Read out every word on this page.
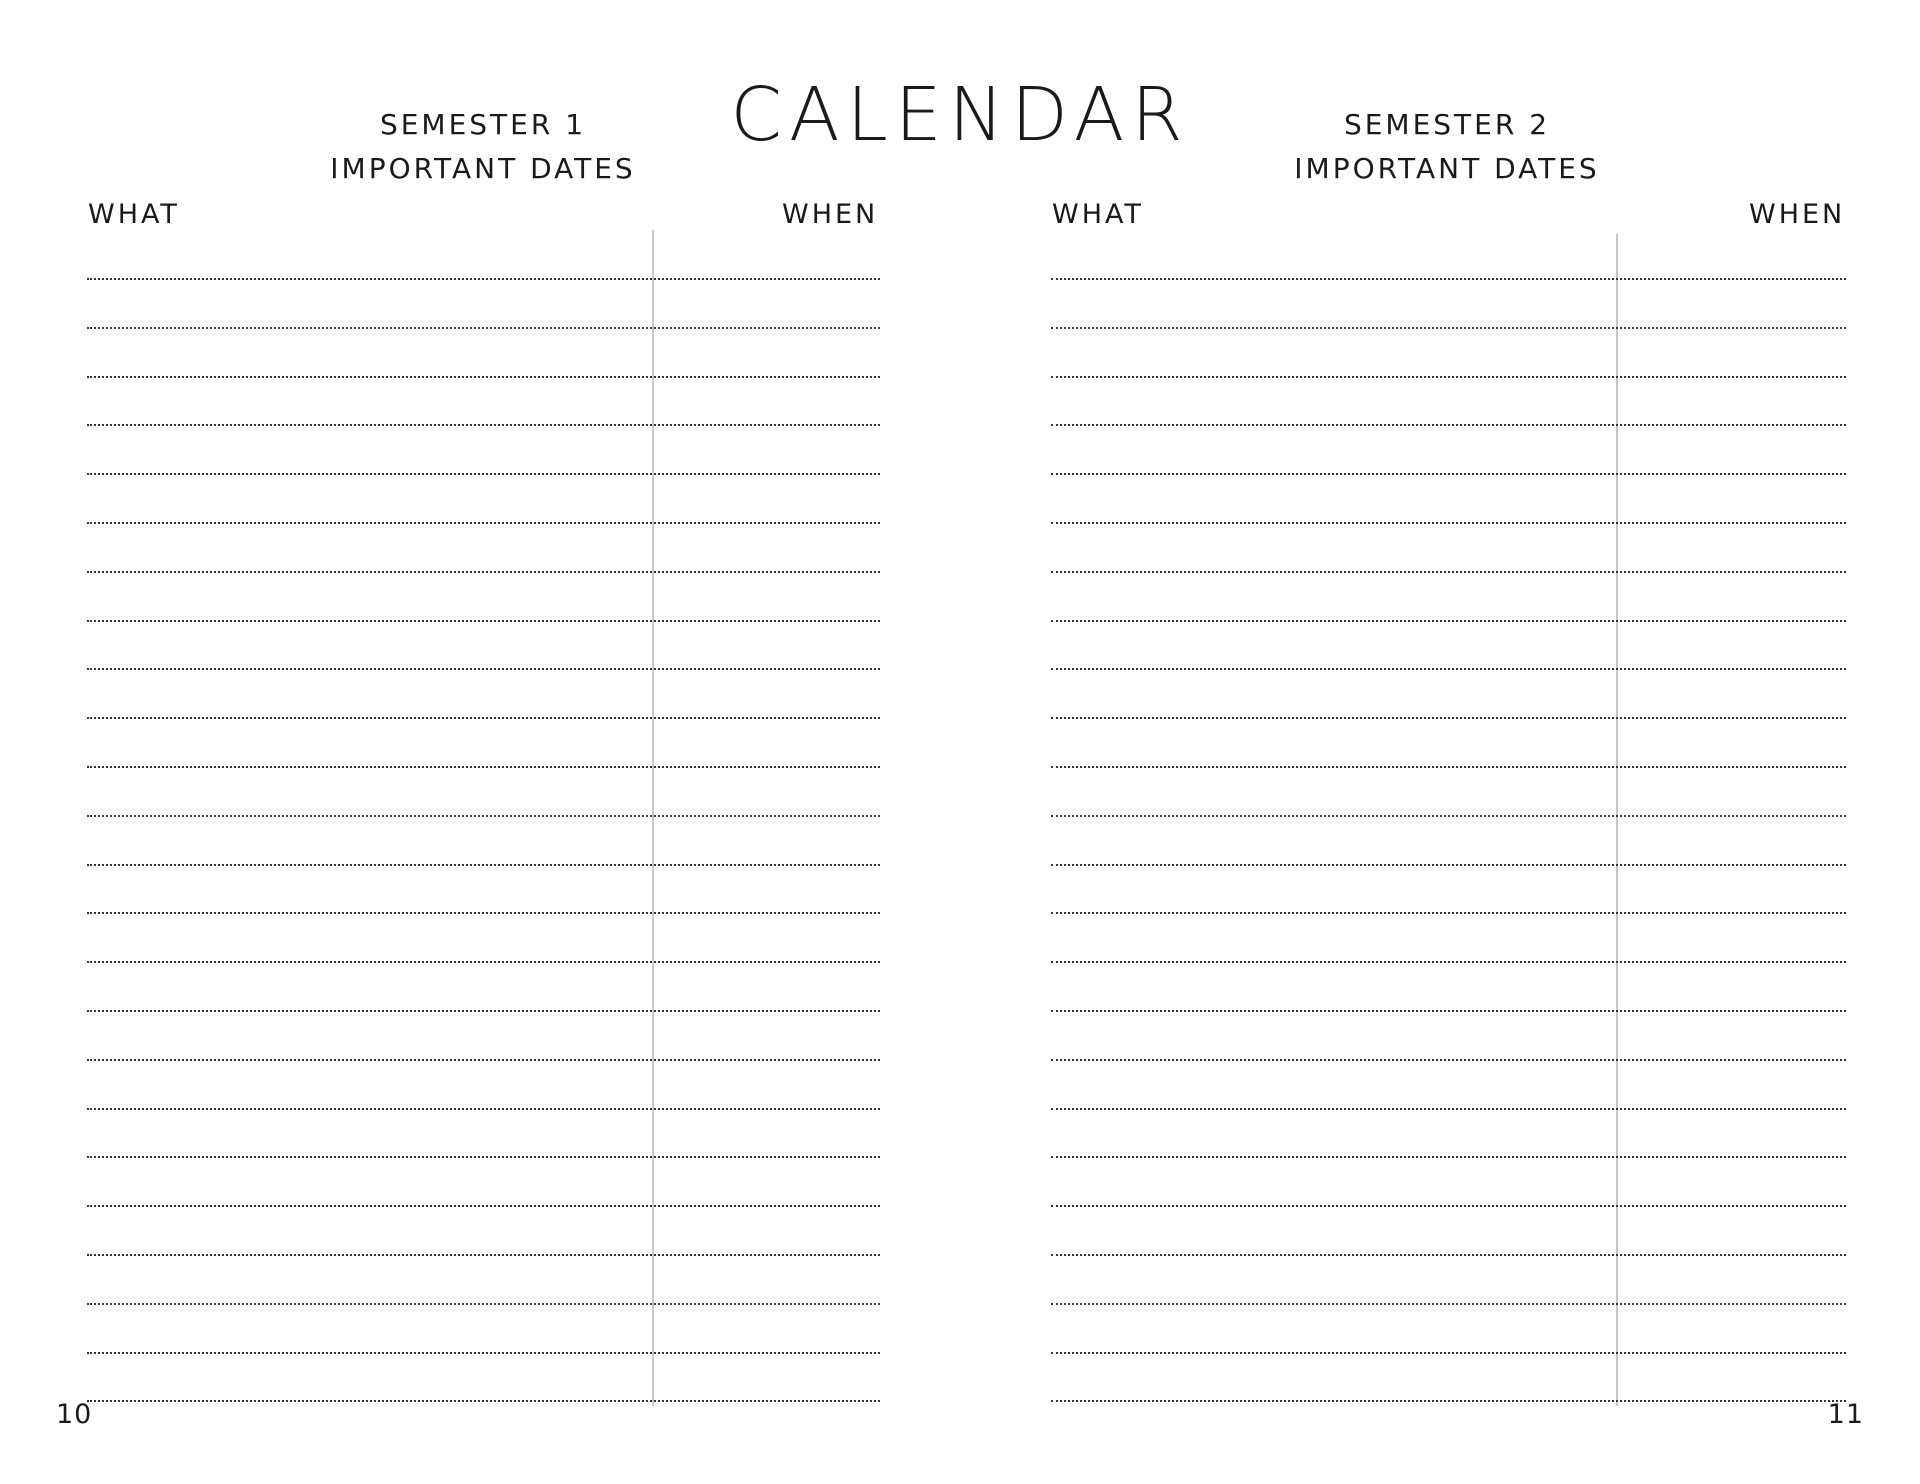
CALENDAR
SEMESTER 1
IMPORTANT DATES
SEMESTER 2
IMPORTANT DATES
WHAT	WHEN	WHAT	WHEN
10	11
